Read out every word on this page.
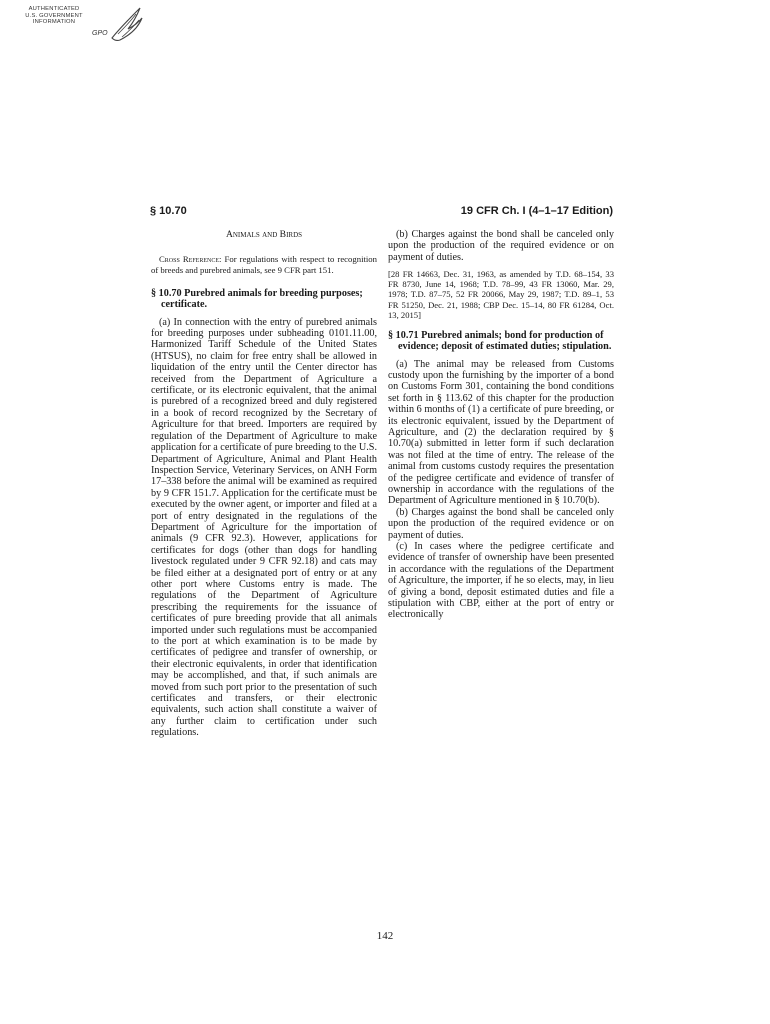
AUTHENTICATED
U.S. GOVERNMENT
INFORMATION
GPO
§ 10.70	19 CFR Ch. I (4–1–17 Edition)

Animals and Birds

Cross Reference: For regulations with respect to recognition of breeds and purebred animals, see 9 CFR part 151.

§ 10.70 Purebred animals for breeding purposes; certificate.

(a) In connection with the entry of purebred animals for breeding purposes under subheading 0101.11.00, Harmonized Tariff Schedule of the United States (HTSUS), no claim for free entry shall be allowed in liquidation of the entry until the Center director has received from the Department of Agriculture a certificate, or its electronic equivalent, that the animal is purebred of a recognized breed and duly registered in a book of record recognized by the Secretary of Agriculture for that breed. Importers are required by regulation of the Department of Agriculture to make application for a certificate of pure breeding to the U.S. Department of Agriculture, Animal and Plant Health Inspection Service, Veterinary Services, on ANH Form 17–338 before the animal will be examined as required by 9 CFR 151.7. Application for the certificate must be executed by the owner agent, or importer and filed at a port of entry designated in the regulations of the Department of Agriculture for the importation of animals (9 CFR 92.3). However, applications for certificates for dogs (other than dogs for handling livestock regulated under 9 CFR 92.18) and cats may be filed either at a designated port of entry or at any other port where Customs entry is made. The regulations of the Department of Agriculture prescribing the requirements for the issuance of certificates of pure breeding provide that all animals imported under such regulations must be accompanied to the port at which examination is to be made by certificates of pedigree and transfer of ownership, or their electronic equivalents, in order that identification may be accomplished, and that, if such animals are moved from such port prior to the presentation of such certificates and transfers, or their electronic equivalents, such action shall constitute a waiver of any further claim to certification under such regulations.

(b) Charges against the bond shall be canceled only upon the production of the required evidence or on payment of duties.

[28 FR 14663, Dec. 31, 1963, as amended by T.D. 68–154, 33 FR 8730, June 14, 1968; T.D. 78–99, 43 FR 13060, Mar. 29, 1978; T.D. 87–75, 52 FR 20066, May 29, 1987; T.D. 89–1, 53 FR 51250, Dec. 21, 1988; CBP Dec. 15–14, 80 FR 61284, Oct. 13, 2015]

§ 10.71 Purebred animals; bond for production of evidence; deposit of estimated duties; stipulation.

(a) The animal may be released from Customs custody upon the furnishing by the importer of a bond on Customs Form 301, containing the bond conditions set forth in § 113.62 of this chapter for the production within 6 months of (1) a certificate of pure breeding, or its electronic equivalent, issued by the Department of Agriculture, and (2) the declaration required by § 10.70(a) submitted in letter form if such declaration was not filed at the time of entry. The release of the animal from customs custody requires the presentation of the pedigree certificate and evidence of transfer of ownership in accordance with the regulations of the Department of Agriculture mentioned in § 10.70(b).

(b) Charges against the bond shall be canceled only upon the production of the required evidence or on payment of duties.

(c) In cases where the pedigree certificate and evidence of transfer of ownership have been presented in accordance with the regulations of the Department of Agriculture, the importer, if he so elects, may, in lieu of giving a bond, deposit estimated duties and file a stipulation with CBP, either at the port of entry or electronically

142
